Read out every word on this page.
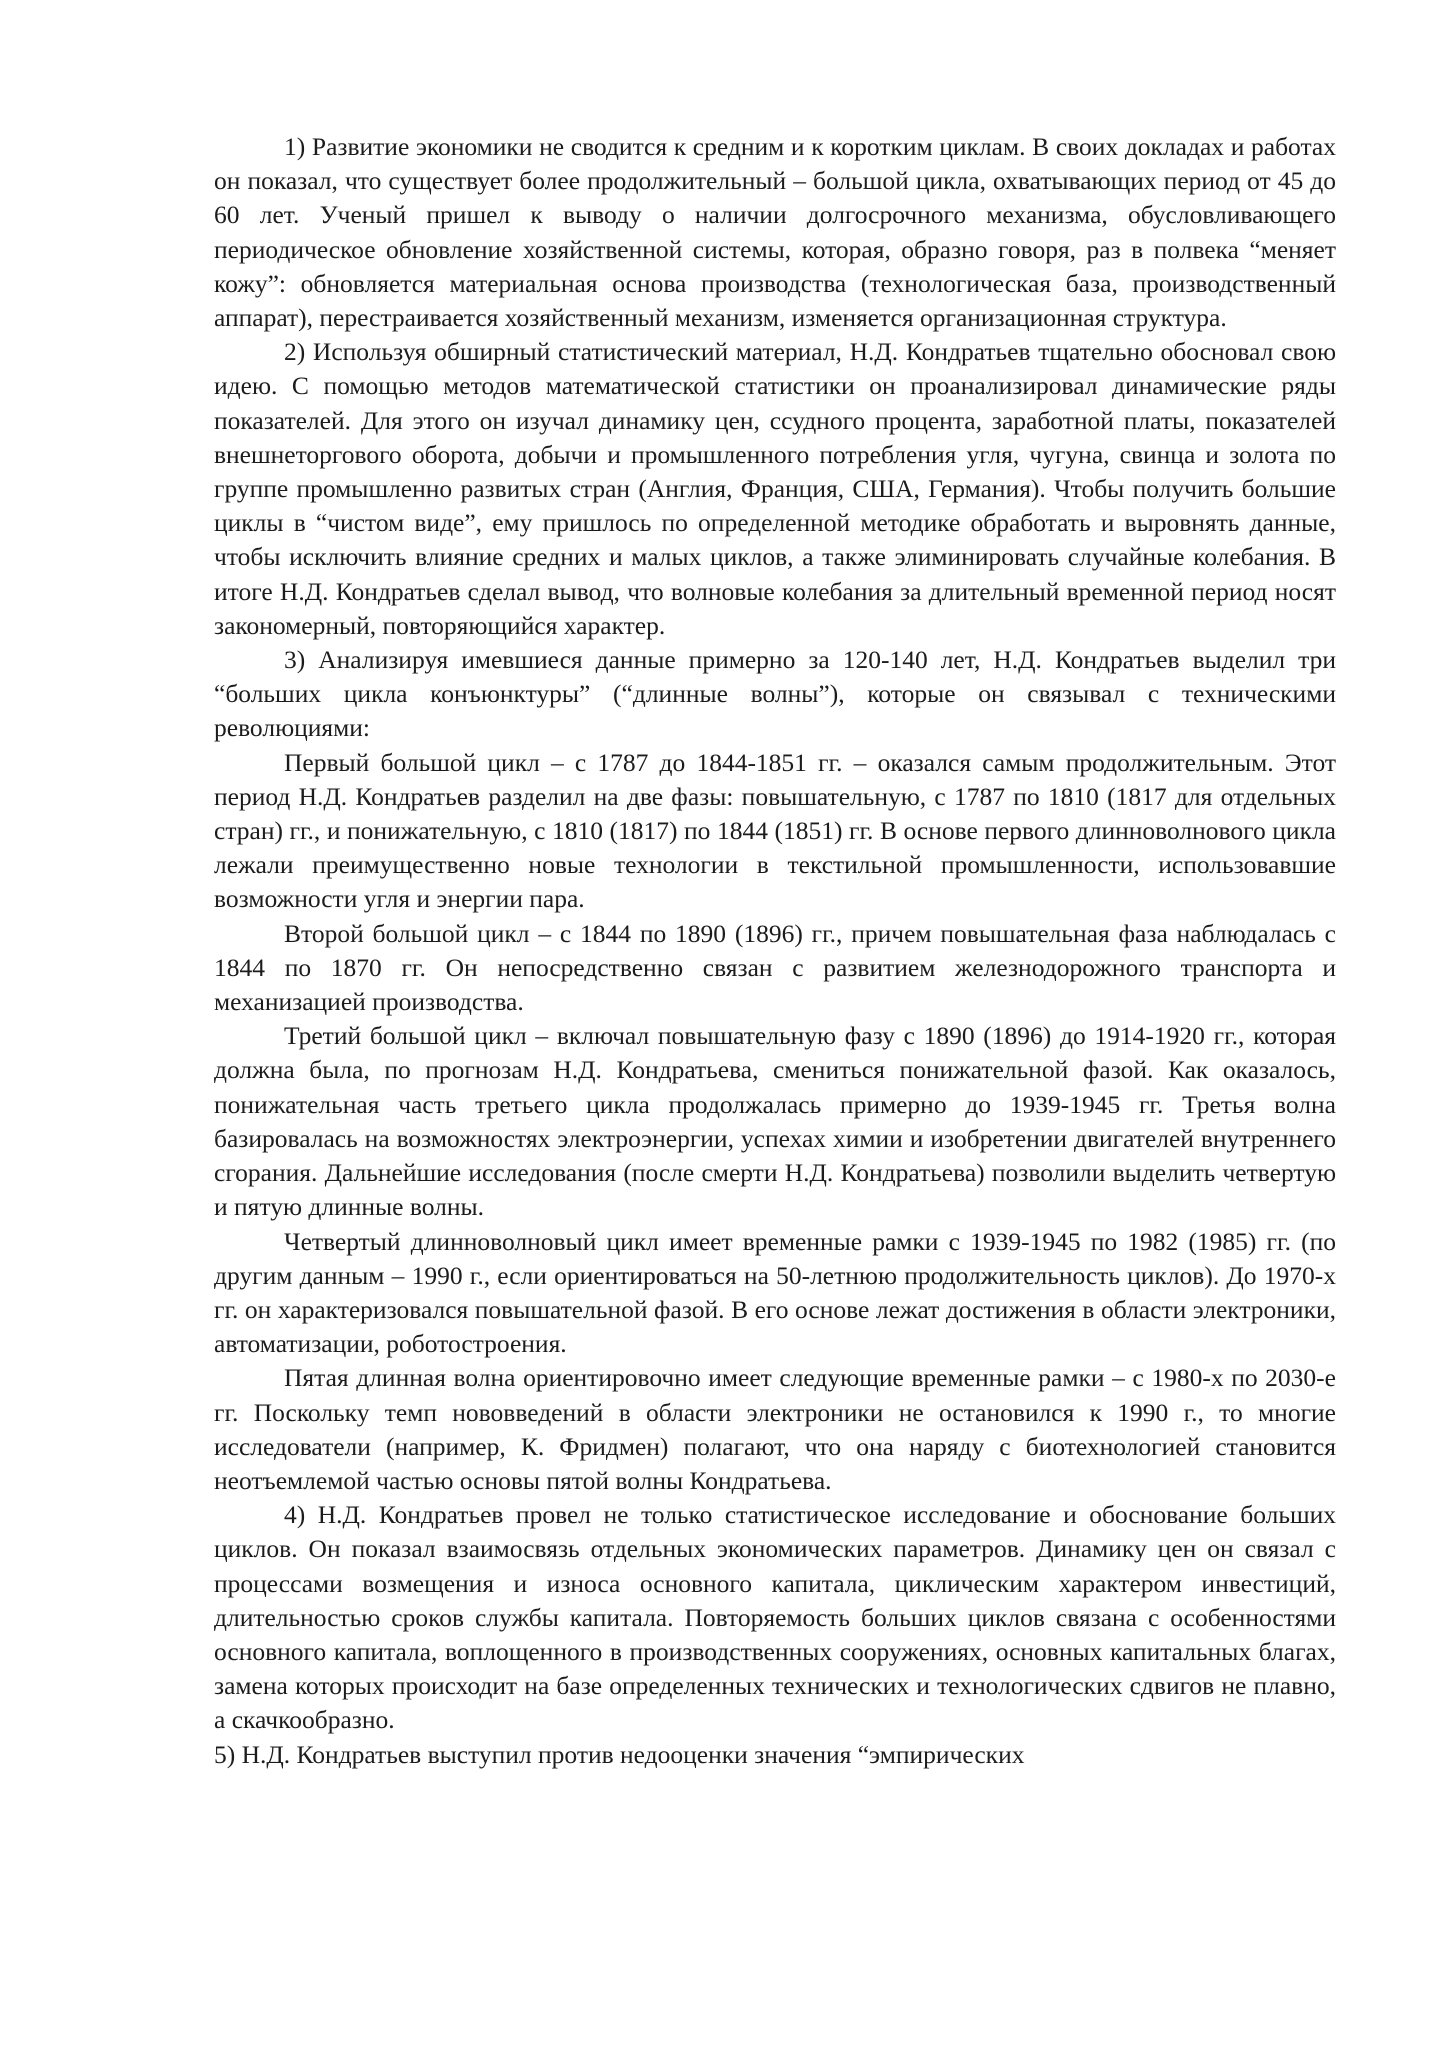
1) Развитие экономики не сводится к средним и к коротким циклам. В своих докладах и работах он показал, что существует более продолжительный – большой цикла, охватывающих период от 45 до 60 лет. Ученый пришел к выводу о наличии долгосрочного механизма, обусловливающего периодическое обновление хозяйственной системы, которая, образно говоря, раз в полвека “меняет кожу”: обновляется материальная основа производства (технологическая база, производственный аппарат), перестраивается хозяйственный механизм, изменяется организационная структура.

2) Используя обширный статистический материал, Н.Д. Кондратьев тщательно обосновал свою идею. С помощью методов математической статистики он проанализировал динамические ряды показателей. Для этого он изучал динамику цен, ссудного процента, заработной платы, показателей внешнеторгового оборота, добычи и промышленного потребления угля, чугуна, свинца и золота по группе промышленно развитых стран (Англия, Франция, США, Германия). Чтобы получить большие циклы в “чистом виде”, ему пришлось по определенной методике обработать и выровнять данные, чтобы исключить влияние средних и малых циклов, а также элиминировать случайные колебания. В итоге Н.Д. Кондратьев сделал вывод, что волновые колебания за длительный временной период носят закономерный, повторяющийся характер.

3) Анализируя имевшиеся данные примерно за 120-140 лет, Н.Д. Кондратьев выделил три “больших цикла конъюнктуры” (“длинные волны”), которые он связывал с техническими революциями:

Первый большой цикл – с 1787 до 1844-1851 гг. – оказался самым продолжительным. Этот период Н.Д. Кондратьев разделил на две фазы: повышательную, с 1787 по 1810 (1817 для отдельных стран) гг., и понижательную, с 1810 (1817) по 1844 (1851) гг. В основе первого длинноволнового цикла лежали преимущественно новые технологии в текстильной промышленности, использовавшие возможности угля и энергии пара.

Второй большой цикл – с 1844 по 1890 (1896) гг., причем повышательная фаза наблюдалась с 1844 по 1870 гг. Он непосредственно связан с развитием железнодорожного транспорта и механизацией производства.

Третий большой цикл – включал повышательную фазу с 1890 (1896) до 1914-1920 гг., которая должна была, по прогнозам Н.Д. Кондратьева, смениться понижательной фазой. Как оказалось, понижательная часть третьего цикла продолжалась примерно до 1939-1945 гг. Третья волна базировалась на возможностях электроэнергии, успехах химии и изобретении двигателей внутреннего сгорания. Дальнейшие исследования (после смерти Н.Д. Кондратьева) позволили выделить четвертую и пятую длинные волны.

Четвертый длинноволновый цикл имеет временные рамки с 1939-1945 по 1982 (1985) гг. (по другим данным – 1990 г., если ориентироваться на 50-летнюю продолжительность циклов). До 1970-х гг. он характеризовался повышательной фазой. В его основе лежат достижения в области электроники, автоматизации, роботостроения.

Пятая длинная волна ориентировочно имеет следующие временные рамки – с 1980-х по 2030-е гг. Поскольку темп нововведений в области электроники не остановился к 1990 г., то многие исследователи (например, К. Фридмен) полагают, что она наряду с биотехнологией становится неотъемлемой частью основы пятой волны Кондратьева.

4) Н.Д. Кондратьев провел не только статистическое исследование и обоснование больших циклов. Он показал взаимосвязь отдельных экономических параметров. Динамику цен он связал с процессами возмещения и износа основного капитала, циклическим характером инвестиций, длительностью сроков службы капитала. Повторяемость больших циклов связана с особенностями основного капитала, воплощенного в производственных сооружениях, основных капитальных благах, замена которых происходит на базе определенных технических и технологических сдвигов не плавно, а скачкообразно.

5) Н.Д. Кондратьев выступил против недооценки значения “эмпирических
